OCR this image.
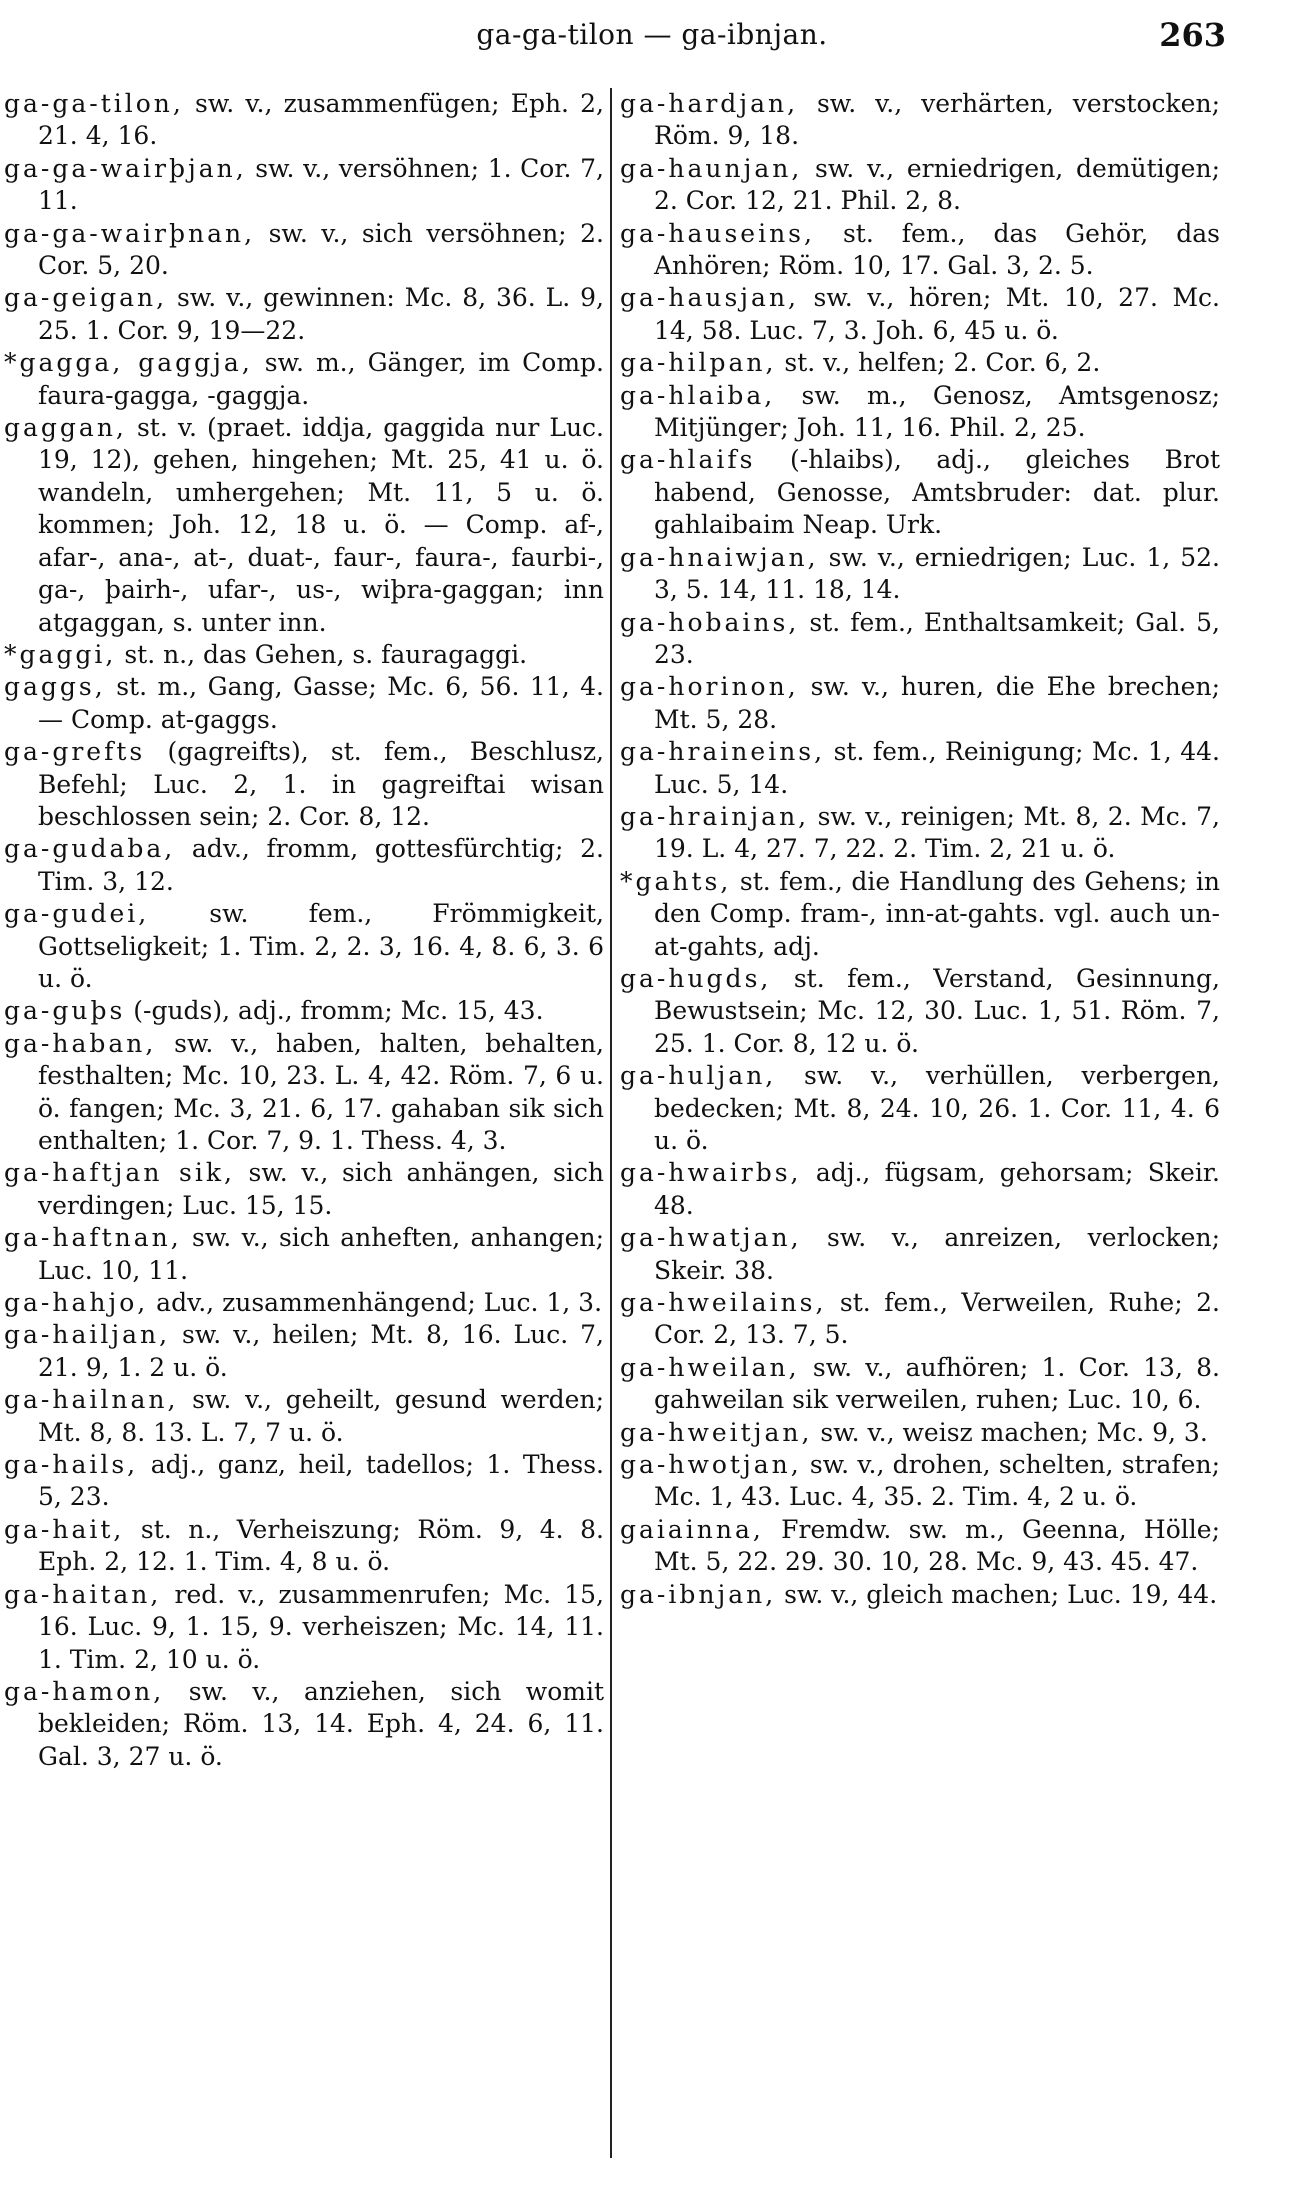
ga-ga-tilon — ga-ibnjan.	263

ga-ga-tilon, sw. v., zusammenfügen; Eph. 2, 21. 4, 16.

ga-ga-wairþjan, sw. v., versöhnen; 1. Cor. 7, 11.

ga-ga-wairþnan, sw. v., sich versöhnen; 2. Cor. 5, 20.

ga-geigan, sw. v., gewinnen: Mc. 8, 36. L. 9, 25. 1. Cor. 9, 19—22.

*gagga, gaggja, sw. m., Gänger, im Comp. faura-gagga, -gaggja.

gaggan, st. v. (praet. iddja, gaggida nur Luc. 19, 12), gehen, hingehen; Mt. 25, 41 u. ö. wandeln, umhergehen; Mt. 11, 5 u. ö. kommen; Joh. 12, 18 u. ö. — Comp. af-, afar-, ana-, at-, duat-, faur-, faura-, faurbi-, ga-, þairh-, ufar-, us-, wiþra-gaggan; inn atgaggan, s. unter inn.

*gaggi, st. n., das Gehen, s. fauragaggi.

gaggs, st. m., Gang, Gasse; Mc. 6, 56. 11, 4. — Comp. at-gaggs.

ga-grefts (gagreifts), st. fem., Beschlusz, Befehl; Luc. 2, 1. in gagreiftai wisan beschlossen sein; 2. Cor. 8, 12.

ga-gudaba, adv., fromm, gottesfürchtig; 2. Tim. 3, 12.

ga-gudei, sw. fem., Frömmigkeit, Gottseligkeit; 1. Tim. 2, 2. 3, 16. 4, 8. 6, 3. 6 u. ö.

ga-guþs (-guds), adj., fromm; Mc. 15, 43.

ga-haban, sw. v., haben, halten, behalten, festhalten; Mc. 10, 23. L. 4, 42. Röm. 7, 6 u. ö. fangen; Mc. 3, 21. 6, 17. gahaban sik sich enthalten; 1. Cor. 7, 9. 1. Thess. 4, 3.

ga-haftjan sik, sw. v., sich anhängen, sich verdingen; Luc. 15, 15.

ga-haftnan, sw. v., sich anheften, anhangen; Luc. 10, 11.

ga-hahjo, adv., zusammenhängend; Luc. 1, 3.

ga-hailjan, sw. v., heilen; Mt. 8, 16. Luc. 7, 21. 9, 1. 2 u. ö.

ga-hailnan, sw. v., geheilt, gesund werden; Mt. 8, 8. 13. L. 7, 7 u. ö.

ga-hails, adj., ganz, heil, tadellos; 1. Thess. 5, 23.

ga-hait, st. n., Verheiszung; Röm. 9, 4. 8. Eph. 2, 12. 1. Tim. 4, 8 u. ö.

ga-haitan, red. v., zusammenrufen; Mc. 15, 16. Luc. 9, 1. 15, 9. verheiszen; Mc. 14, 11. 1. Tim. 2, 10 u. ö.

ga-hamon, sw. v., anziehen, sich womit bekleiden; Röm. 13, 14. Eph. 4, 24. 6, 11. Gal. 3, 27 u. ö.

ga-hardjan, sw. v., verhärten, verstocken; Röm. 9, 18.

ga-haunjan, sw. v., erniedrigen, demütigen; 2. Cor. 12, 21. Phil. 2, 8.

ga-hauseins, st. fem., das Gehör, das Anhören; Röm. 10, 17. Gal. 3, 2. 5.

ga-hausjan, sw. v., hören; Mt. 10, 27. Mc. 14, 58. Luc. 7, 3. Joh. 6, 45 u. ö.

ga-hilpan, st. v., helfen; 2. Cor. 6, 2.

ga-hlaiba, sw. m., Genosz, Amtsgenosz; Mitjünger; Joh. 11, 16. Phil. 2, 25.

ga-hlaifs (-hlaibs), adj., gleiches Brot habend, Genosse, Amtsbruder: dat. plur. gahlaibaim Neap. Urk.

ga-hnaiwjan, sw. v., erniedrigen; Luc. 1, 52. 3, 5. 14, 11. 18, 14.

ga-hobains, st. fem., Enthaltsamkeit; Gal. 5, 23.

ga-horinon, sw. v., huren, die Ehe brechen; Mt. 5, 28.

ga-hraineins, st. fem., Reinigung; Mc. 1, 44. Luc. 5, 14.

ga-hrainjan, sw. v., reinigen; Mt. 8, 2. Mc. 7, 19. L. 4, 27. 7, 22. 2. Tim. 2, 21 u. ö.

*gahts, st. fem., die Handlung des Gehens; in den Comp. fram-, inn-at-gahts. vgl. auch un-at-gahts, adj.

ga-hugds, st. fem., Verstand, Gesinnung, Bewustsein; Mc. 12, 30. Luc. 1, 51. Röm. 7, 25. 1. Cor. 8, 12 u. ö.

ga-huljan, sw. v., verhüllen, verbergen, bedecken; Mt. 8, 24. 10, 26. 1. Cor. 11, 4. 6 u. ö.

ga-hwairbs, adj., fügsam, gehorsam; Skeir. 48.

ga-hwatjan, sw. v., anreizen, verlocken; Skeir. 38.

ga-hweilains, st. fem., Verweilen, Ruhe; 2. Cor. 2, 13. 7, 5.

ga-hweilan, sw. v., aufhören; 1. Cor. 13, 8. gahweilan sik verweilen, ruhen; Luc. 10, 6.

ga-hweitjan, sw. v., weisz machen; Mc. 9, 3.

ga-hwotjan, sw. v., drohen, schelten, strafen; Mc. 1, 43. Luc. 4, 35. 2. Tim. 4, 2 u. ö.

gaiainna, Fremdw. sw. m., Geenna, Hölle; Mt. 5, 22. 29. 30. 10, 28. Mc. 9, 43. 45. 47.

ga-ibnjan, sw. v., gleich machen; Luc. 19, 44.
